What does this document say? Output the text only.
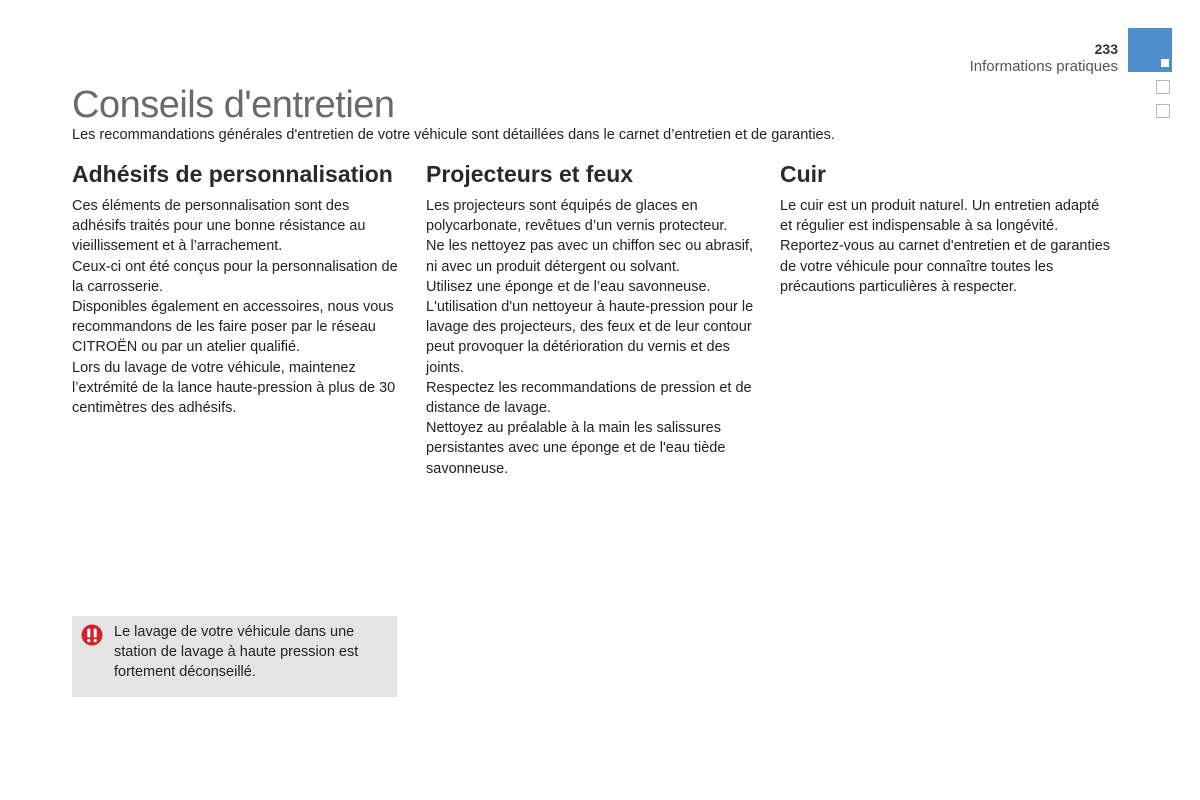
233
Informations pratiques
Conseils d'entretien

Les recommandations générales d'entretien de votre véhicule sont détaillées dans le carnet d’entretien et de garanties.

Adhésifs de personnalisation

Ces éléments de personnalisation sont des adhésifs traités pour une bonne résistance au vieillissement et à l’arrachement.

Ceux-ci ont été conçus pour la personnalisation de la carrosserie.

Disponibles également en accessoires, nous vous recommandons de les faire poser par le réseau CITROËN ou par un atelier qualifié.

Lors du lavage de votre véhicule, maintenez l’extrémité de la lance haute-pression à plus de 30 centimètres des adhésifs.

Projecteurs et feux

Les projecteurs sont équipés de glaces en polycarbonate, revêtues d’un vernis protecteur.

Ne les nettoyez pas avec un chiffon sec ou abrasif, ni avec un produit détergent ou solvant.

Utilisez une éponge et de l’eau savonneuse.

L'utilisation d'un nettoyeur à haute-pression pour le lavage des projecteurs, des feux et de leur contour peut provoquer la détérioration du vernis et des joints.

Respectez les recommandations de pression et de distance de lavage.

Nettoyez au préalable à la main les salissures persistantes avec une éponge et de l'eau tiède savonneuse.

Cuir

Le cuir est un produit naturel. Un entretien adapté et régulier est indispensable à sa longévité.

Reportez-vous au carnet d'entretien et de garanties de votre véhicule pour connaître toutes les précautions particulières à respecter.

Le lavage de votre véhicule dans une station de lavage à haute pression est fortement déconseillé.
